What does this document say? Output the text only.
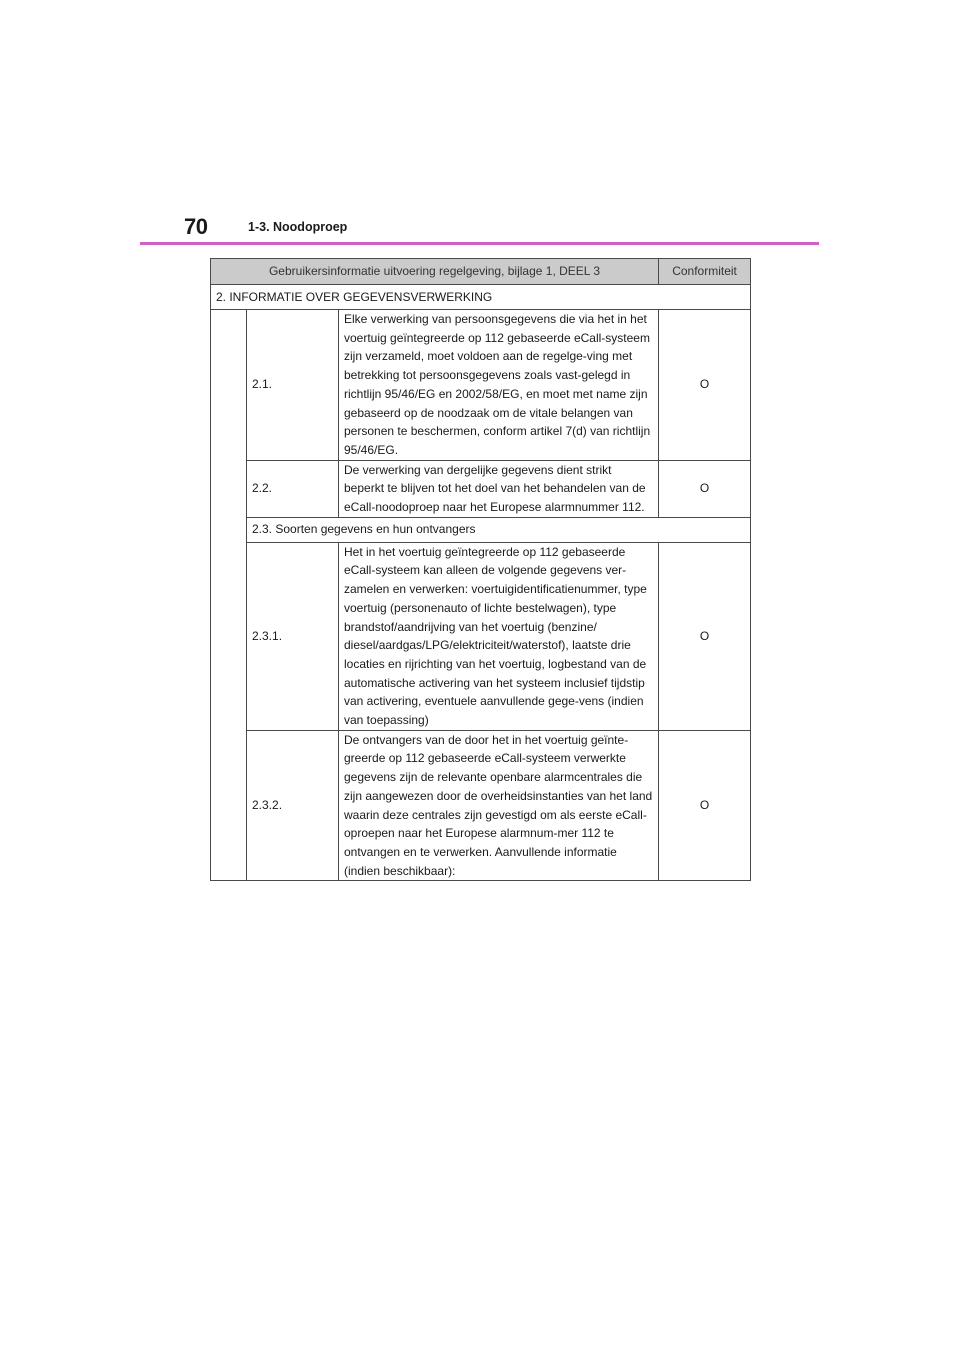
70	1-3. Noodoproep
Gebruikersinformatie uitvoering regelgeving, bijlage 1, DEEL 3			Conformiteit
2. INFORMATIE OVER GEGEVENSVERWERKING			
	2.1.	Elke verwerking van persoonsgegevens die via het in het voertuig geïntegreerde op 112 gebaseerde eCall-systeem zijn verzameld, moet voldoen aan de regelge-ving met betrekking tot persoonsgegevens zoals vast-gelegd in richtlijn 95/46/EG en 2002/58/EG, en moet met name zijn gebaseerd op de noodzaak om de vitale belangen van personen te beschermen, conform artikel 7(d) van richtlijn 95/46/EG.	O
	2.2.	De verwerking van dergelijke gegevens dient strikt beperkt te blijven tot het doel van het behandelen van de eCall-noodoproep naar het Europese alarmnummer 112.	O
	2.3. Soorten gegevens en hun ontvangers		
	2.3.1.	Het in het voertuig geïntegreerde op 112 gebaseerde eCall-systeem kan alleen de volgende gegevens ver-zamelen en verwerken: voertuigidentificatienummer, type voertuig (personenauto of lichte bestelwagen), type brandstof/aandrijving van het voertuig (benzine/ diesel/aardgas/LPG/elektriciteit/waterstof), laatste drie locaties en rijrichting van het voertuig, logbestand van de automatische activering van het systeem inclusief tijdstip van activering, eventuele aanvullende gege-vens (indien van toepassing)	O
	2.3.2.	De ontvangers van de door het in het voertuig geïnte-greerde op 112 gebaseerde eCall-systeem verwerkte gegevens zijn de relevante openbare alarmcentrales die zijn aangewezen door de overheidsinstanties van het land waarin deze centrales zijn gevestigd om als eerste eCall-oproepen naar het Europese alarmnum-mer 112 te ontvangen en te verwerken. Aanvullende informatie (indien beschikbaar):	O
